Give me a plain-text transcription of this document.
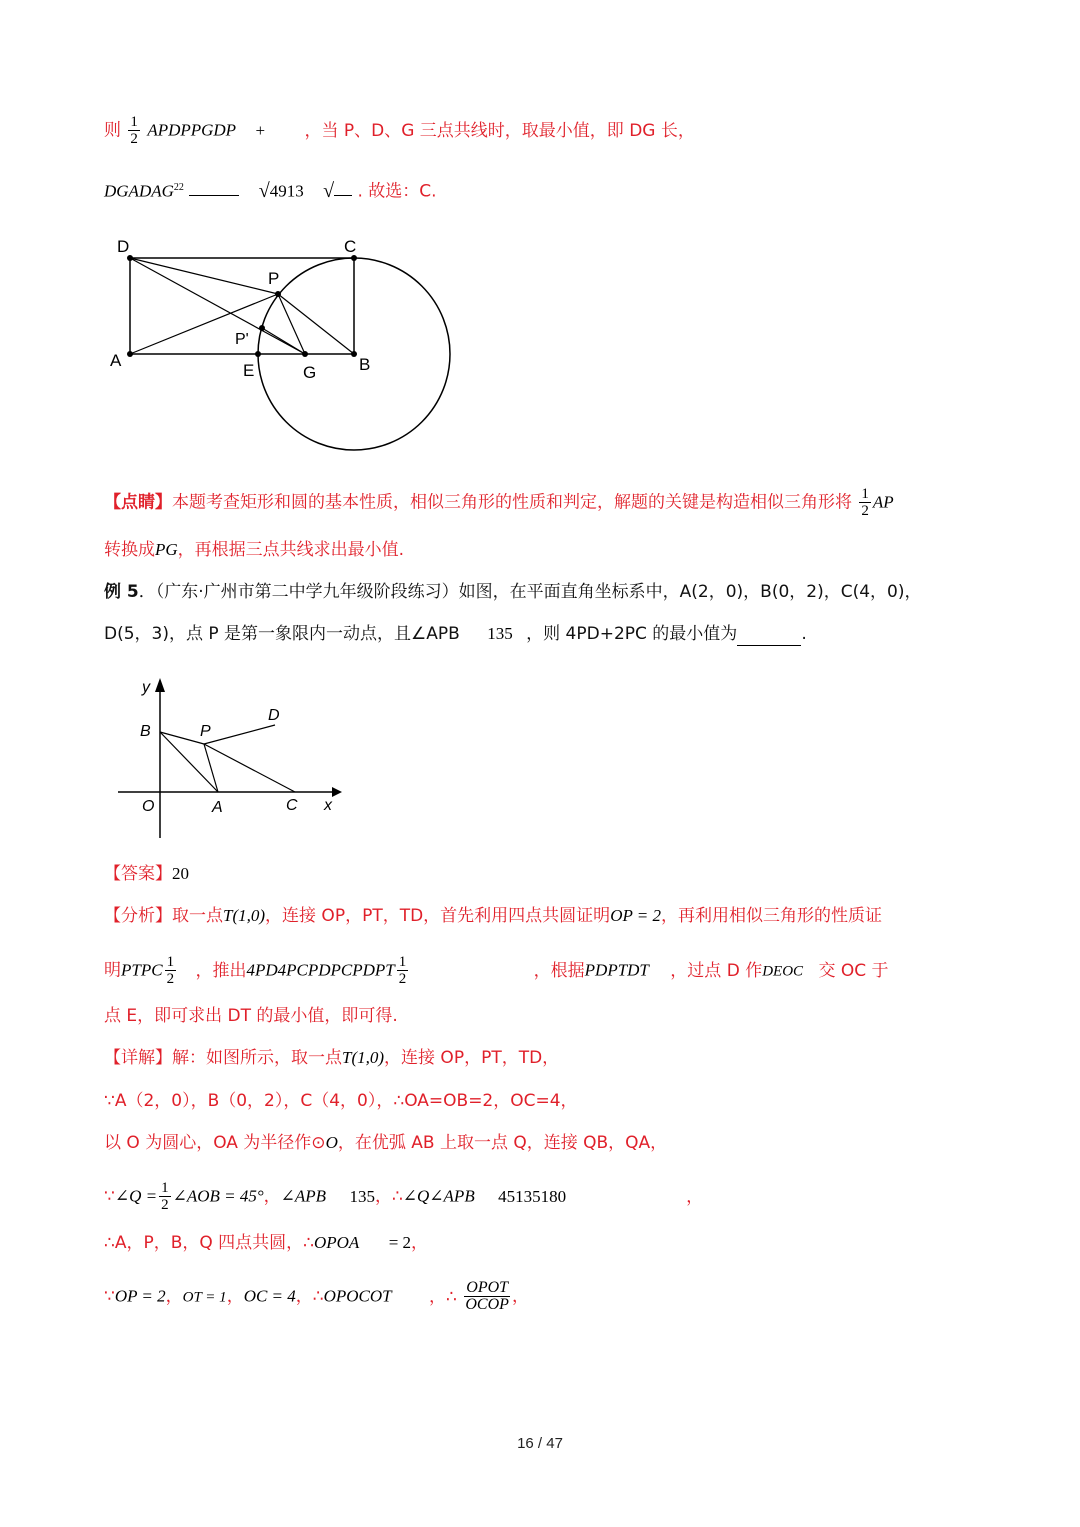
则 $\frac{1}{2}$ APDPPGDP + ，当 P、D、G 三点共线时，取最小值，即 DG 长，
DGADAG$^{22}$	√4913 √ . 故选：C.
D	C
P
P'
A
E	G	B
【点睛】本题考查矩形和圆的基本性质，相似三角形的性质和判定，解题的关键是构造相似三角形将 $\frac{1}{2}$ AP
转换成PG，再根据三点共线求出最小值.
例 5．（广东·广州市第二中学九年级阶段练习）如图，在平面直角坐标系中，A(2，0)，B(0，2)，C(4，0)，
D(5，3)，点 P 是第一象限内一动点，且∠APB 135 ，则 4PD+2PC 的最小值为	.
y
x
B	P
D
O	A	C
【答案】20
【分析】取一点T(1,0)，连接 OP，PT，TD，首先利用四点共圆证明OP = 2，再利用相似三角形的性质证
明PTPC $\frac{1}{2}$ ，推出4PD4PCPDPCPDPT $\frac{1}{2}$	，根据PDPTDT ，过点 D 作DEOC 交 OC 于
点 E，即可求出 DT 的最小值，即可得.
【详解】解：如图所示，取一点T(1,0)，连接 OP，PT，TD，
∵A（2，0），B（0，2），C（4，0），∴OA=OB=2，OC=4，
以 O 为圆心，OA 为半径作⊙O，在优弧 AB 上取一点 Q，连接 QB，QA，
∵∠Q = $\frac{1}{2}$ ∠AOB = 45°，∠APB 135，∴∠Q∠APB 45135180	，
∴A，P，B，Q 四点共圆，∴OPOA = 2，
∵OP = 2，OT = 1，OC = 4，∴OPOCOT ，∴ $\frac{\text{OPOT}}{\text{OCOP}}$ ，
16 / 47
